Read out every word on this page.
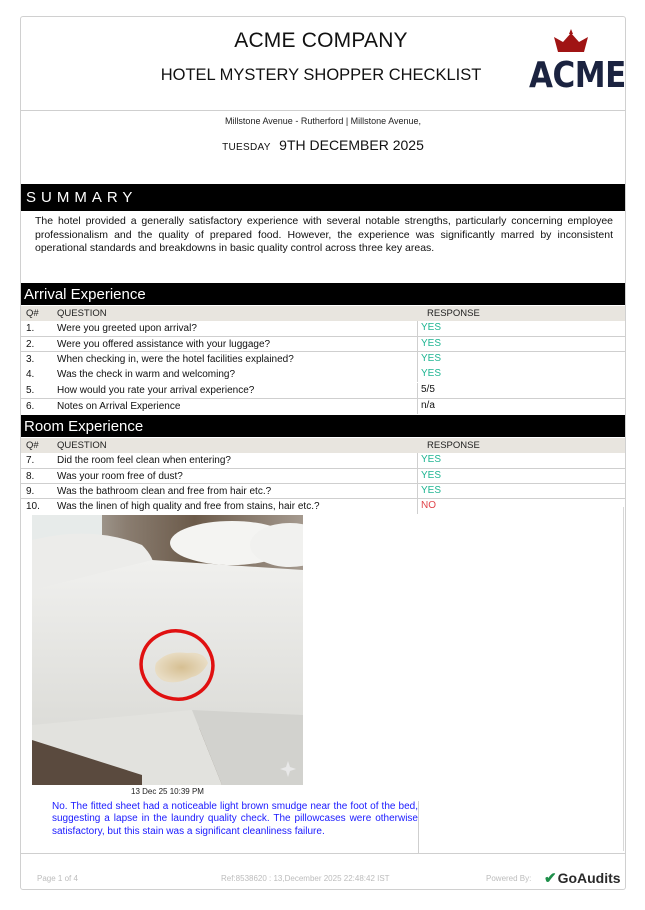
ACME COMPANY
HOTEL MYSTERY SHOPPER CHECKLIST	ACME
Millstone Avenue - Rutherford | Millstone Avenue,
TUESDAY 9TH DECEMBER 2025
SUMMARY
The hotel provided a generally satisfactory experience with several notable strengths, particularly concerning employee professionalism and the quality of prepared food. However, the experience was significantly marred by inconsistent operational standards and breakdowns in basic quality control across three key areas.
Arrival Experience
Q# QUESTION	RESPONSE
1. Were you greeted upon arrival?	YES
2. Were you offered assistance with your luggage?	YES
3. When checking in, were the hotel facilities explained?	YES
4. Was the check in warm and welcoming?	YES
5. How would you rate your arrival experience?	5/5
6. Notes on Arrival Experience	n/a
Room Experience
Q# QUESTION	RESPONSE
7. Did the room feel clean when entering?	YES
8. Was your room free of dust?	YES
9. Was the bathroom clean and free from hair etc.?	YES
10. Was the linen of high quality and free from stains, hair etc.?	NO
13 Dec 25 10:39 PM
No. The fitted sheet had a noticeable light brown smudge near the foot of the bed, suggesting a lapse in the laundry quality check. The pillowcases were otherwise satisfactory, but this stain was a significant cleanliness failure.
Page 1 of 4	Ref:8538620 : 13,December 2025 22:48:42 IST	Powered By: ✔GoAudits
